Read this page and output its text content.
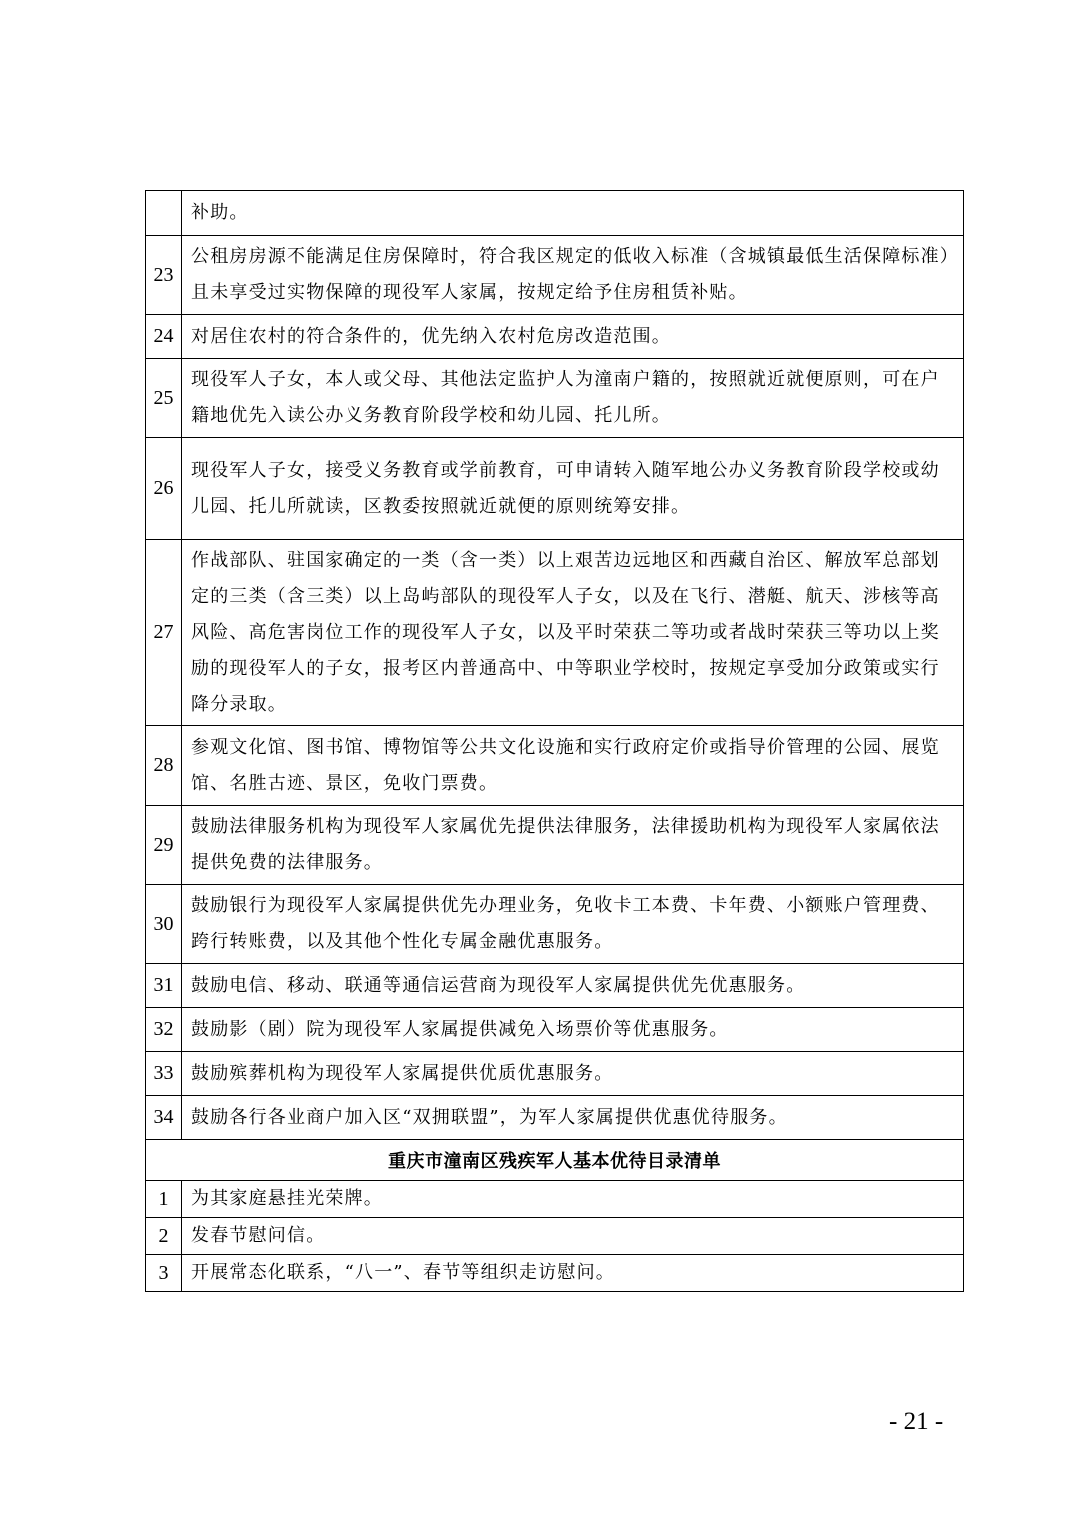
	补助。
23	公租房房源不能满足住房保障时，符合我区规定的低收入标准（含城镇最低生活保障标准）且未享受过实物保障的现役军人家属，按规定给予住房租赁补贴。
24	对居住农村的符合条件的，优先纳入农村危房改造范围。
25	现役军人子女，本人或父母、其他法定监护人为潼南户籍的，按照就近就便原则，可在户籍地优先入读公办义务教育阶段学校和幼儿园、托儿所。
26	现役军人子女，接受义务教育或学前教育，可申请转入随军地公办义务教育阶段学校或幼儿园、托儿所就读，区教委按照就近就便的原则统筹安排。
27	作战部队、驻国家确定的一类（含一类）以上艰苦边远地区和西藏自治区、解放军总部划定的三类（含三类）以上岛屿部队的现役军人子女，以及在飞行、潜艇、航天、涉核等高风险、高危害岗位工作的现役军人子女，以及平时荣获二等功或者战时荣获三等功以上奖励的现役军人的子女，报考区内普通高中、中等职业学校时，按规定享受加分政策或实行降分录取。
28	参观文化馆、图书馆、博物馆等公共文化设施和实行政府定价或指导价管理的公园、展览馆、名胜古迹、景区，免收门票费。
29	鼓励法律服务机构为现役军人家属优先提供法律服务，法律援助机构为现役军人家属依法提供免费的法律服务。
30	鼓励银行为现役军人家属提供优先办理业务，免收卡工本费、卡年费、小额账户管理费、跨行转账费，以及其他个性化专属金融优惠服务。
31	鼓励电信、移动、联通等通信运营商为现役军人家属提供优先优惠服务。
32	鼓励影（剧）院为现役军人家属提供减免入场票价等优惠服务。
33	鼓励殡葬机构为现役军人家属提供优质优惠服务。
34	鼓励各行各业商户加入区“双拥联盟”，为军人家属提供优惠优待服务。
重庆市潼南区残疾军人基本优待目录清单	
1	为其家庭悬挂光荣牌。
2	发春节慰问信。
3	开展常态化联系，“八一”、春节等组织走访慰问。
- 21 -
